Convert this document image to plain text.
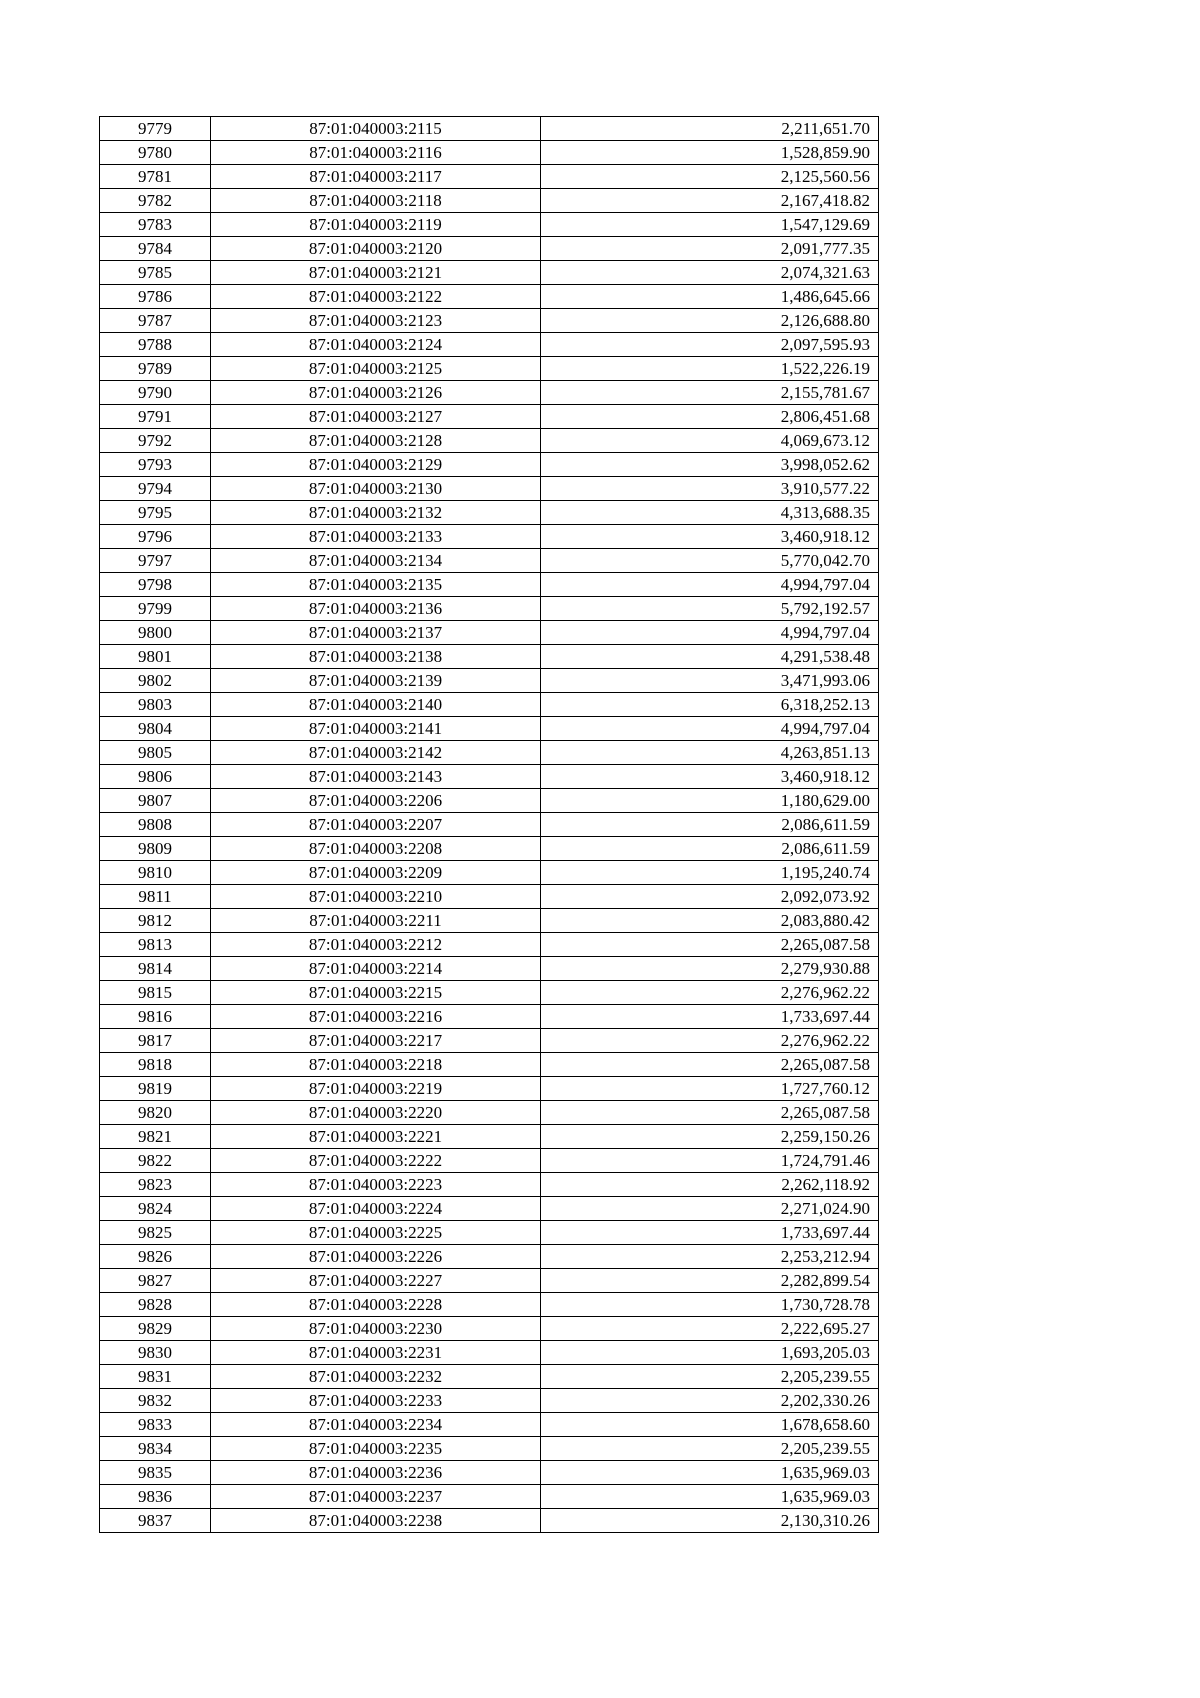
9779	87:01:040003:2115	2,211,651.70
9780	87:01:040003:2116	1,528,859.90
9781	87:01:040003:2117	2,125,560.56
9782	87:01:040003:2118	2,167,418.82
9783	87:01:040003:2119	1,547,129.69
9784	87:01:040003:2120	2,091,777.35
9785	87:01:040003:2121	2,074,321.63
9786	87:01:040003:2122	1,486,645.66
9787	87:01:040003:2123	2,126,688.80
9788	87:01:040003:2124	2,097,595.93
9789	87:01:040003:2125	1,522,226.19
9790	87:01:040003:2126	2,155,781.67
9791	87:01:040003:2127	2,806,451.68
9792	87:01:040003:2128	4,069,673.12
9793	87:01:040003:2129	3,998,052.62
9794	87:01:040003:2130	3,910,577.22
9795	87:01:040003:2132	4,313,688.35
9796	87:01:040003:2133	3,460,918.12
9797	87:01:040003:2134	5,770,042.70
9798	87:01:040003:2135	4,994,797.04
9799	87:01:040003:2136	5,792,192.57
9800	87:01:040003:2137	4,994,797.04
9801	87:01:040003:2138	4,291,538.48
9802	87:01:040003:2139	3,471,993.06
9803	87:01:040003:2140	6,318,252.13
9804	87:01:040003:2141	4,994,797.04
9805	87:01:040003:2142	4,263,851.13
9806	87:01:040003:2143	3,460,918.12
9807	87:01:040003:2206	1,180,629.00
9808	87:01:040003:2207	2,086,611.59
9809	87:01:040003:2208	2,086,611.59
9810	87:01:040003:2209	1,195,240.74
9811	87:01:040003:2210	2,092,073.92
9812	87:01:040003:2211	2,083,880.42
9813	87:01:040003:2212	2,265,087.58
9814	87:01:040003:2214	2,279,930.88
9815	87:01:040003:2215	2,276,962.22
9816	87:01:040003:2216	1,733,697.44
9817	87:01:040003:2217	2,276,962.22
9818	87:01:040003:2218	2,265,087.58
9819	87:01:040003:2219	1,727,760.12
9820	87:01:040003:2220	2,265,087.58
9821	87:01:040003:2221	2,259,150.26
9822	87:01:040003:2222	1,724,791.46
9823	87:01:040003:2223	2,262,118.92
9824	87:01:040003:2224	2,271,024.90
9825	87:01:040003:2225	1,733,697.44
9826	87:01:040003:2226	2,253,212.94
9827	87:01:040003:2227	2,282,899.54
9828	87:01:040003:2228	1,730,728.78
9829	87:01:040003:2230	2,222,695.27
9830	87:01:040003:2231	1,693,205.03
9831	87:01:040003:2232	2,205,239.55
9832	87:01:040003:2233	2,202,330.26
9833	87:01:040003:2234	1,678,658.60
9834	87:01:040003:2235	2,205,239.55
9835	87:01:040003:2236	1,635,969.03
9836	87:01:040003:2237	1,635,969.03
9837	87:01:040003:2238	2,130,310.26
